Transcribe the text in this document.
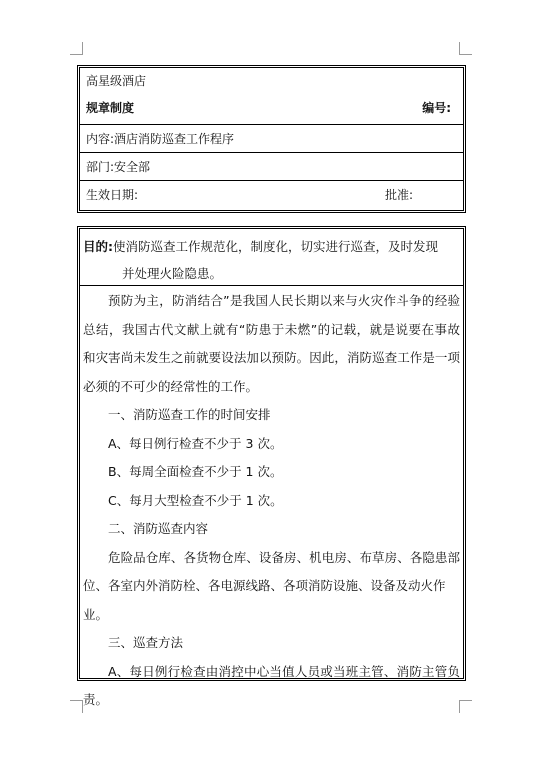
高星级酒店
规章制度	编号:
内容:酒店消防巡查工作程序
部门:安全部
生效日期:	批准:
目的:使消防巡查工作规范化，制度化，切实进行巡查，及时发现
并处理火险隐患。

预防为主，防消结合”是我国人民长期以来与火灾作斗争的经验

总结，我国古代文献上就有“防患于未燃”的记载，就是说要在事故

和灾害尚未发生之前就要设法加以预防。因此，消防巡查工作是一项

必须的不可少的经常性的工作。

一、消防巡查工作的时间安排

A、每日例行检查不少于 3 次。

B、每周全面检查不少于 1 次。

C、每月大型检查不少于 1 次。

二、消防巡查内容

危险品仓库、各货物仓库、设备房、机电房、布草房、各隐患部

位、各室内外消防栓、各电源线路、各项消防设施、设备及动火作业。

三、巡查方法

A、每日例行检查由消控中心当值人员或当班主管、消防主管负

责。
